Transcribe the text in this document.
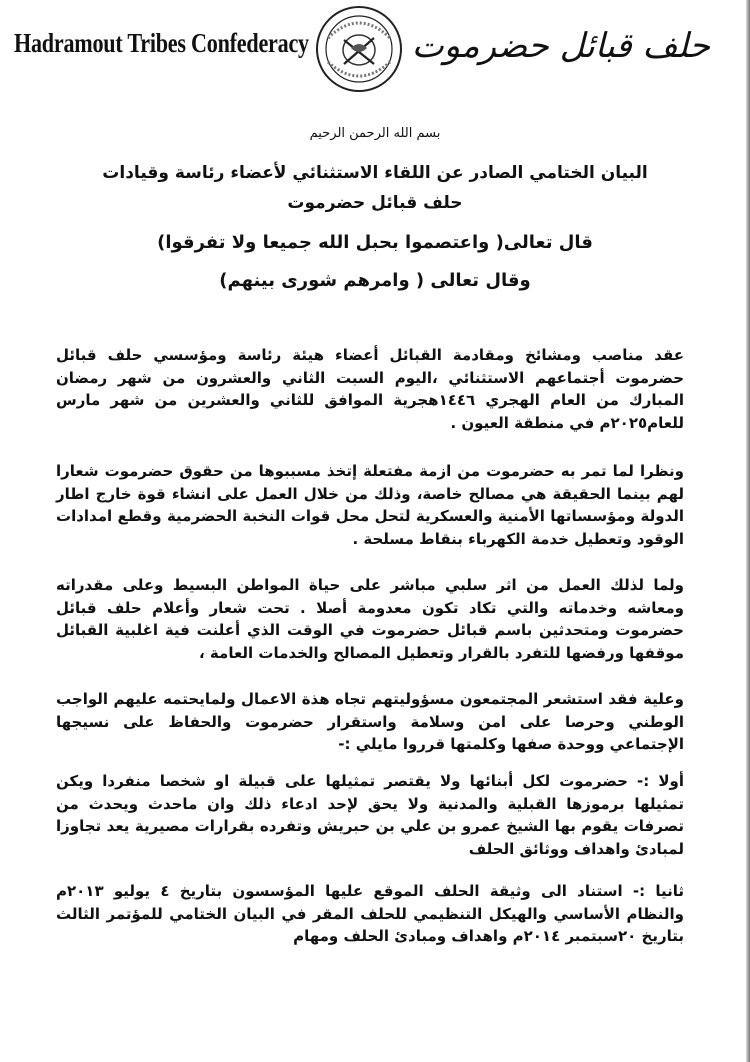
Hadramout Tribes Confederacy	حلف قبائل حضرموت
بسم الله الرحمن الرحيم
البيان الختامي الصادر عن اللقاء الاستثنائي لأعضاء رئاسة وقيادات
حلف قبائل حضرموت
قال تعالى( واعتصموا بحبل الله جميعا ولا تفرقوا)
وقال تعالى ( وامرهم شورى بينهم)

عقد مناصب ومشائخ ومقادمة القبائل أعضاء هيئة رئاسة ومؤسسي حلف قبائل حضرموت أجتماعهم الاستثنائي ،اليوم السبت الثاني والعشرون من شهر رمضان المبارك من العام الهجري ١٤٤٦هجرية الموافق للثاني والعشرين من شهر مارس للعام٢٠٢٥م في منطقة العيون .

ونظرا لما تمر به حضرموت من ازمة مفتعلة إتخذ مسببوها من حقوق حضرموت شعارا لهم بينما الحقيقة هي مصالح خاصة، وذلك من خلال العمل على انشاء قوة خارج اطار الدولة ومؤسساتها الأمنية والعسكرية لتحل محل قوات النخبة الحضرمية وقطع امدادات الوقود وتعطيل خدمة الكهرباء بنقاط مسلحة .

ولما لذلك العمل من اثر سلبي مباشر على حياة المواطن البسيط وعلى مقدراته ومعاشه وخدماته والتي تكاد تكون معدومة أصلا . تحت شعار وأعلام حلف قبائل حضرموت ومتحدثين باسم قبائل حضرموت في الوقت الذي أعلنت فية اغلبية القبائل موقفها ورفضها للتفرد بالقرار وتعطيل المصالح والخدمات العامة ،

وعلية فقد استشعر المجتمعون مسؤوليتهم تجاه هذة الاعمال ولمايحتمه عليهم الواجب الوطني وحرصا على امن وسلامة واستقرار حضرموت والحفاظ على نسيجها الإجتماعي ووحدة صفها وكلمتها قرروا مايلي :-

أولا :- حضرموت لكل أبنائها ولا يقتصر تمثيلها على قبيلة او شخصا منفردا ويكن تمثيلها برموزها القبلية والمدنية ولا يحق لإحد ادعاء ذلك وان ماحدث ويحدث من تصرفات يقوم بها الشيخ عمرو بن علي بن حبريش وتفرده بقرارات مصيرية يعد تجاوزا لمبادئ واهداف ووثائق الحلف

ثانيا :- استناد الى وثيقة الحلف الموقع عليها المؤسسون بتاريخ ٤ يوليو ٢٠١٣م والنظام الأساسي والهيكل التنظيمي للحلف المقر في البيان الختامي للمؤتمر الثالث بتاريخ ٢٠سبتمبر ٢٠١٤م واهداف ومبادئ الحلف ومهام
